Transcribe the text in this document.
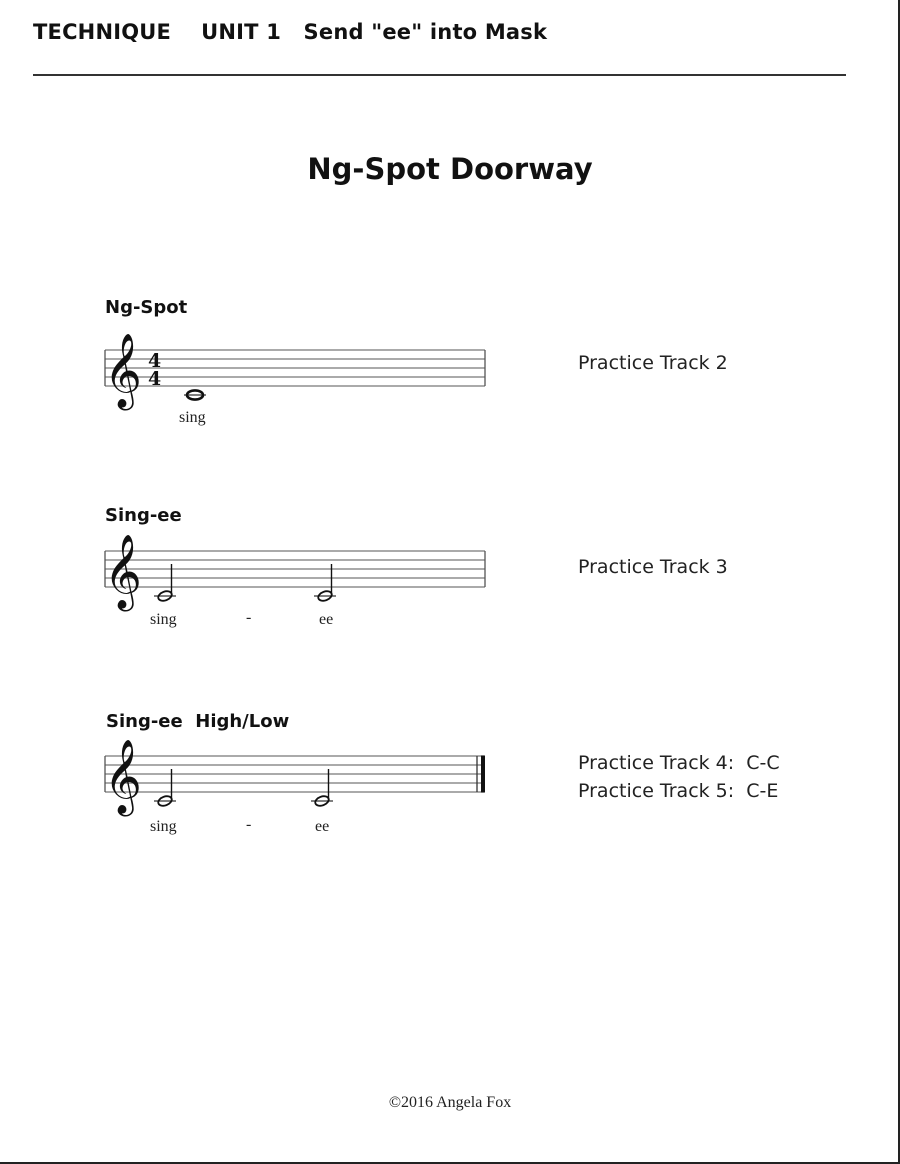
TECHNIQUE    UNIT 1   Send "ee" into Mask
Ng-Spot Doorway
Ng-Spot
𝄞 4
4
sing
Practice Track 2
Sing-ee
𝄞
sing	-	ee
Practice Track 3
Sing-ee  High/Low
𝄞
sing	-	ee
Practice Track 4:  C-C
Practice Track 5:  C-E
©2016 Angela Fox
